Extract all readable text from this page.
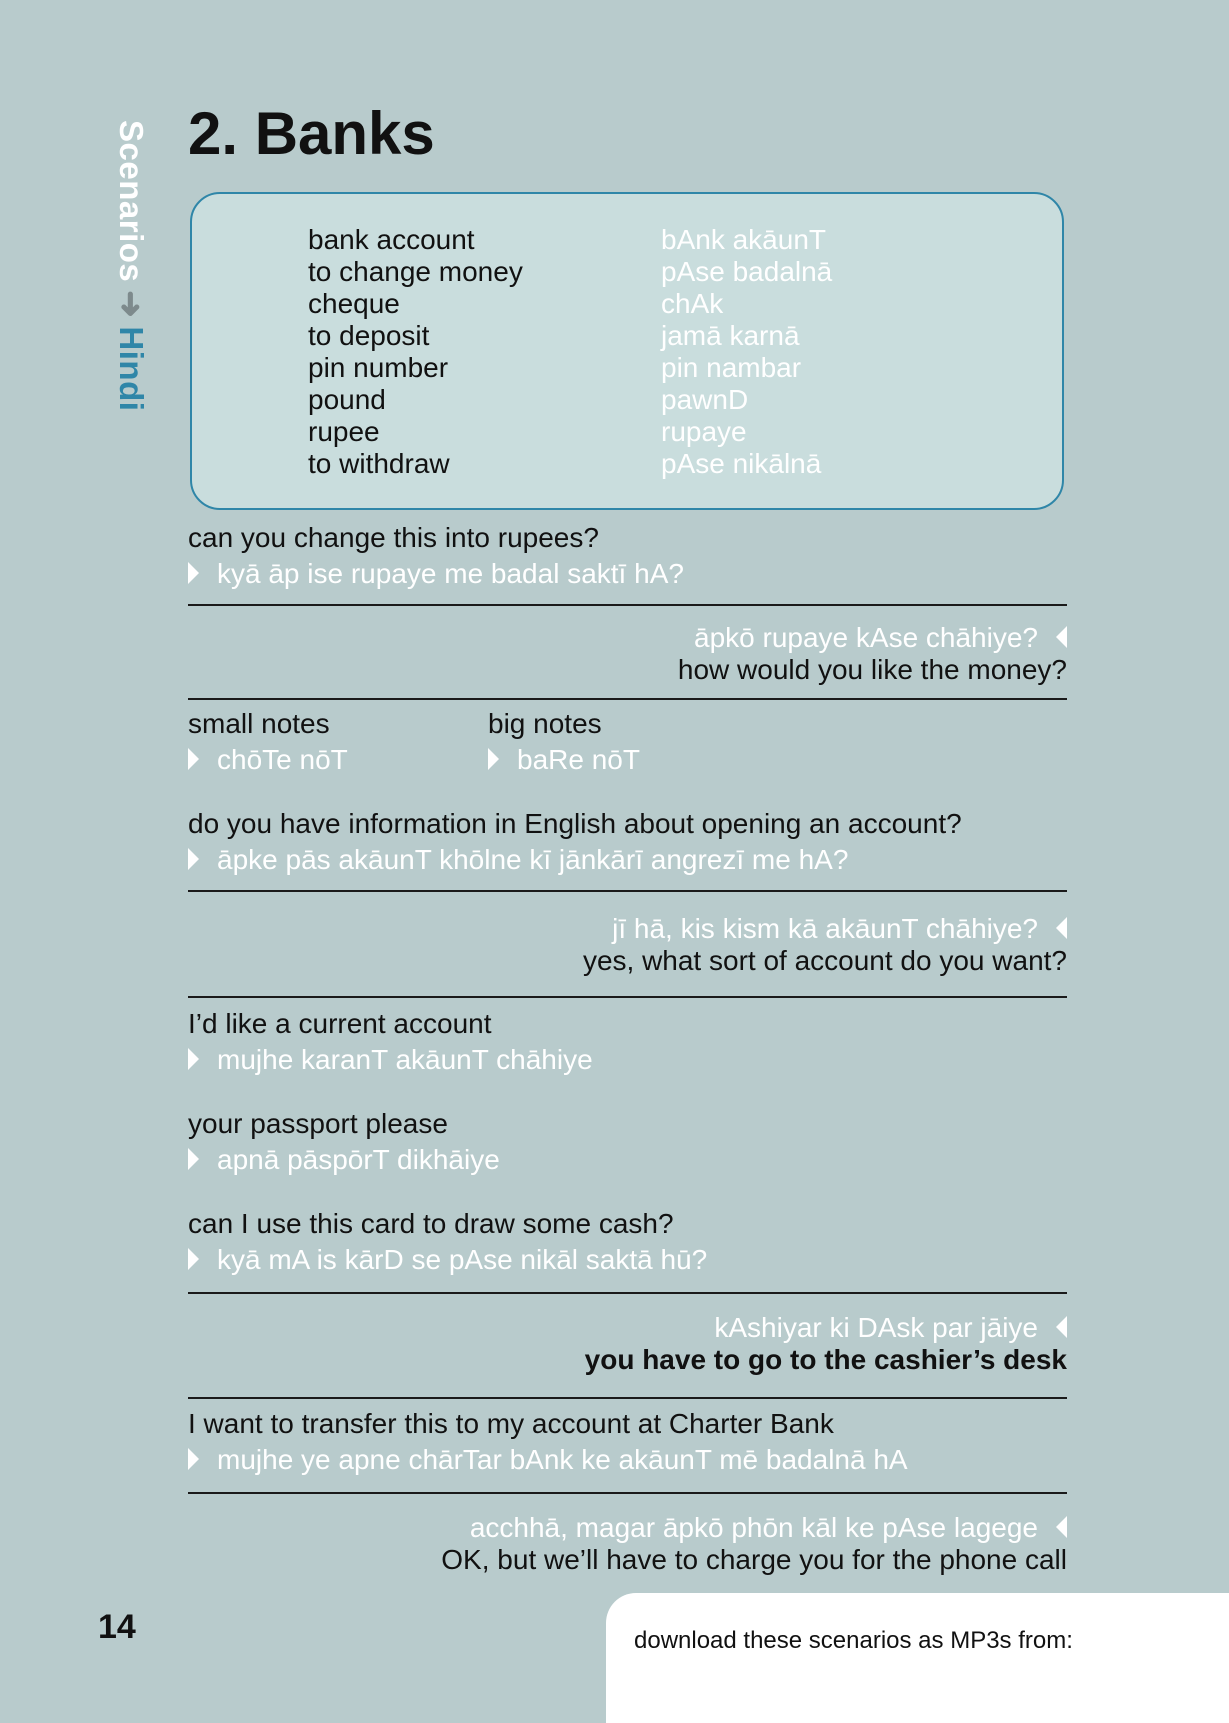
Scenarios➜Hindi
2. Banks
bank account	bAnk akāunT
to change money	pAse badalnā
cheque	chAk
to deposit	jamā karnā
pin number	pin nambar
pound	pawnD
rupee	rupaye
to withdraw	pAse nikālnā
can you change this into rupees?
kyā āp ise rupaye me badal saktī hA?
āpkō rupaye kAse chāhiye?
how would you like the money?
small notes
chōTe nōT
big notes
baRe nōT
do you have information in English about opening an account?
āpke pās akāunT khōlne kī jānkārī angrezī me hA?
jī hā, kis kism kā akāunT chāhiye?
yes, what sort of account do you want?
I’d like a current account
mujhe karanT akāunT chāhiye
your passport please
apnā pāspōrT dikhāiye
can I use this card to draw some cash?
kyā mA is kārD se pAse nikāl saktā hū?
kAshiyar ki DAsk par jāiye
you have to go to the cashier’s desk
I want to transfer this to my account at Charter Bank
mujhe ye apne chārTar bAnk ke akāunT mē badalnā hA
acchhā, magar āpkō phōn kāl ke pAse lagege
OK, but we’ll have to charge you for the phone call
14	download these scenarios as MP3s from:
